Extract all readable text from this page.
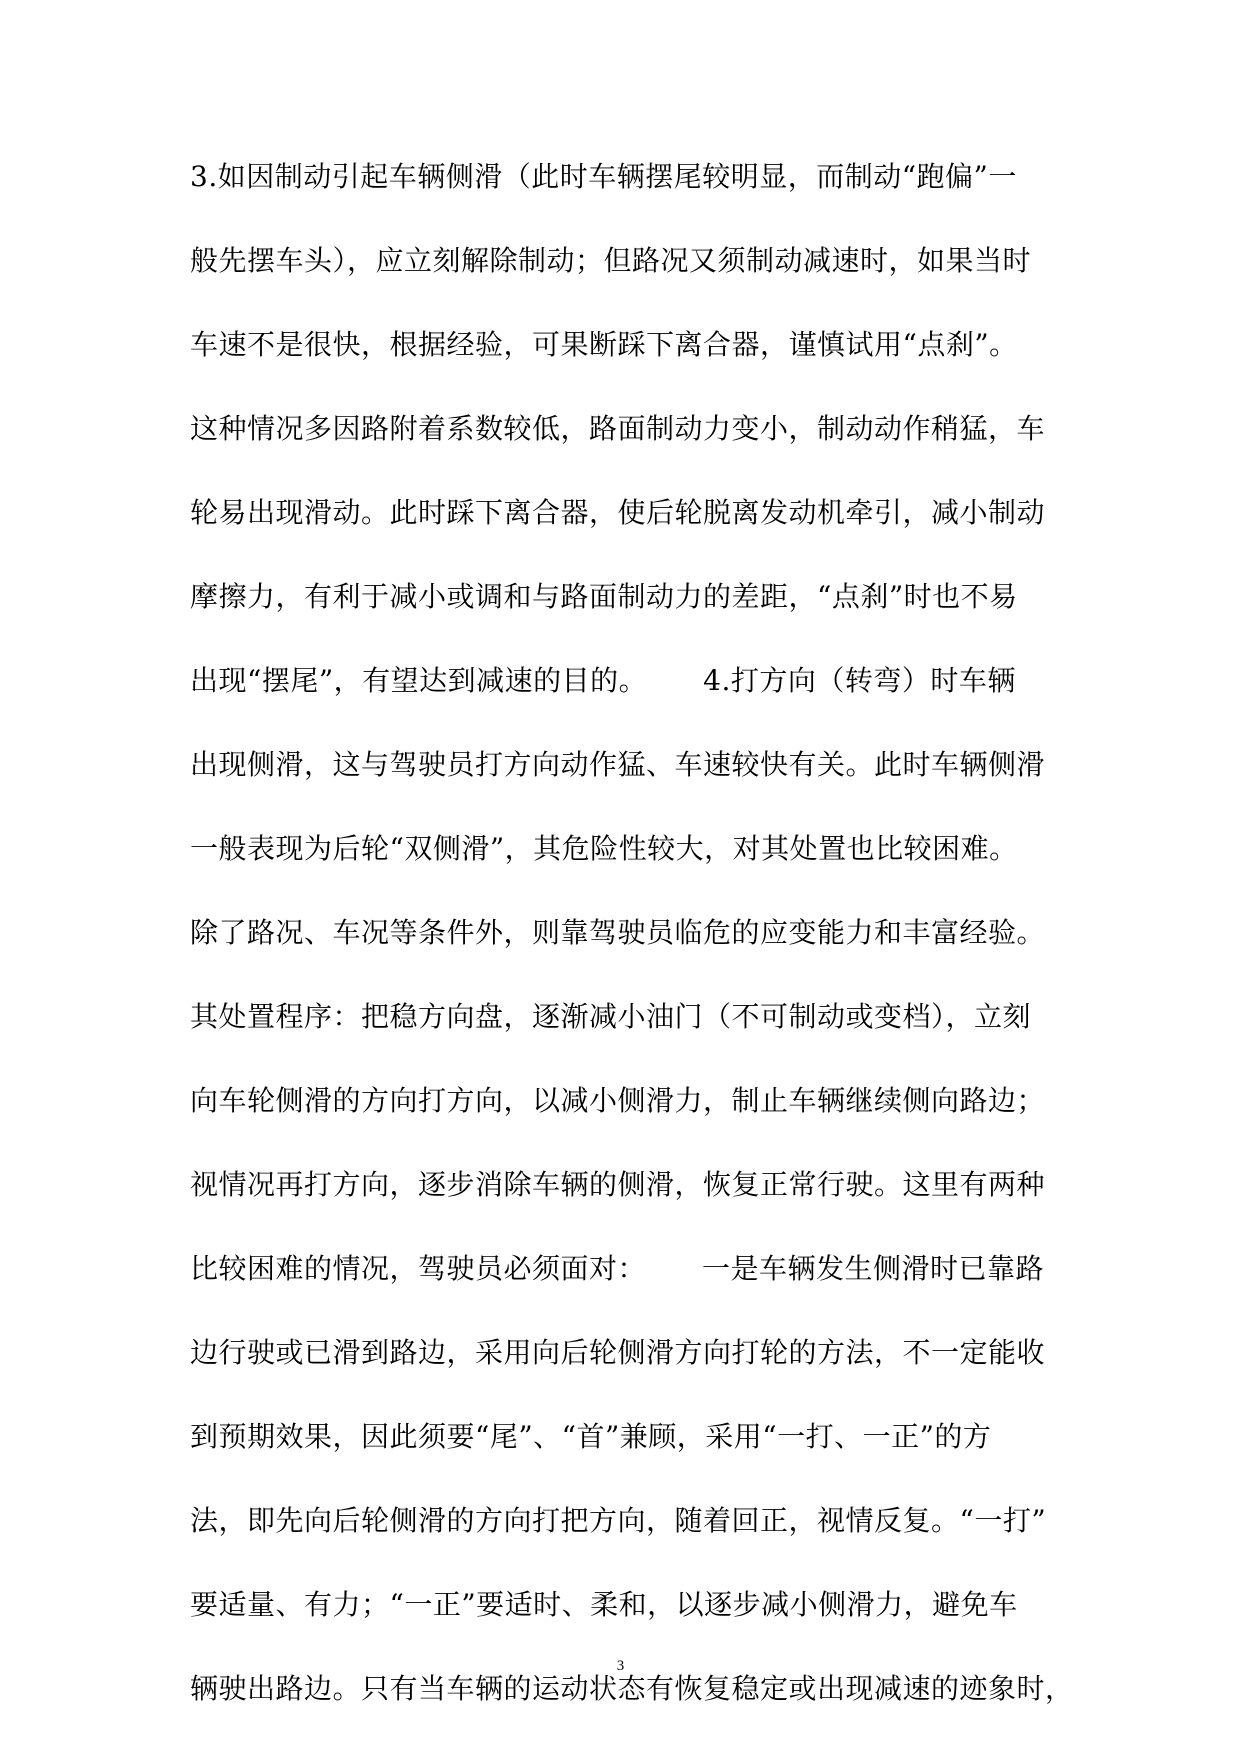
3.如因制动引起车辆侧滑（此时车辆摆尾较明显，而制动“跑偏”一
般先摆车头），应立刻解除制动；但路况又须制动减速时，如果当时
车速不是很快，根据经验，可果断踩下离合器，谨慎试用“点刹”。
这种情况多因路附着系数较低，路面制动力变小，制动动作稍猛，车
轮易出现滑动。此时踩下离合器，使后轮脱离发动机牵引，减小制动
摩擦力，有利于减小或调和与路面制动力的差距，“点刹”时也不易
出现“摆尾”，有望达到减速的目的。 4.打方向（转弯）时车辆
出现侧滑，这与驾驶员打方向动作猛、车速较快有关。此时车辆侧滑
一般表现为后轮“双侧滑”，其危险性较大，对其处置也比较困难。
除了路况、车况等条件外，则靠驾驶员临危的应变能力和丰富经验。
其处置程序：把稳方向盘，逐渐减小油门（不可制动或变档），立刻
向车轮侧滑的方向打方向，以减小侧滑力，制止车辆继续侧向路边；
视情况再打方向，逐步消除车辆的侧滑，恢复正常行驶。这里有两种
比较困难的情况，驾驶员必须面对： 一是车辆发生侧滑时已靠路
边行驶或已滑到路边，采用向后轮侧滑方向打轮的方法，不一定能收
到预期效果，因此须要“尾”、“首”兼顾，采用“一打、一正”的方
法，即先向后轮侧滑的方向打把方向，随着回正，视情反复。“一打”
要适量、有力；“一正”要适时、柔和，以逐步减小侧滑力，避免车
辆驶出路边。只有当车辆的运动状态有恢复稳定或出现减速的迹象时，
3
